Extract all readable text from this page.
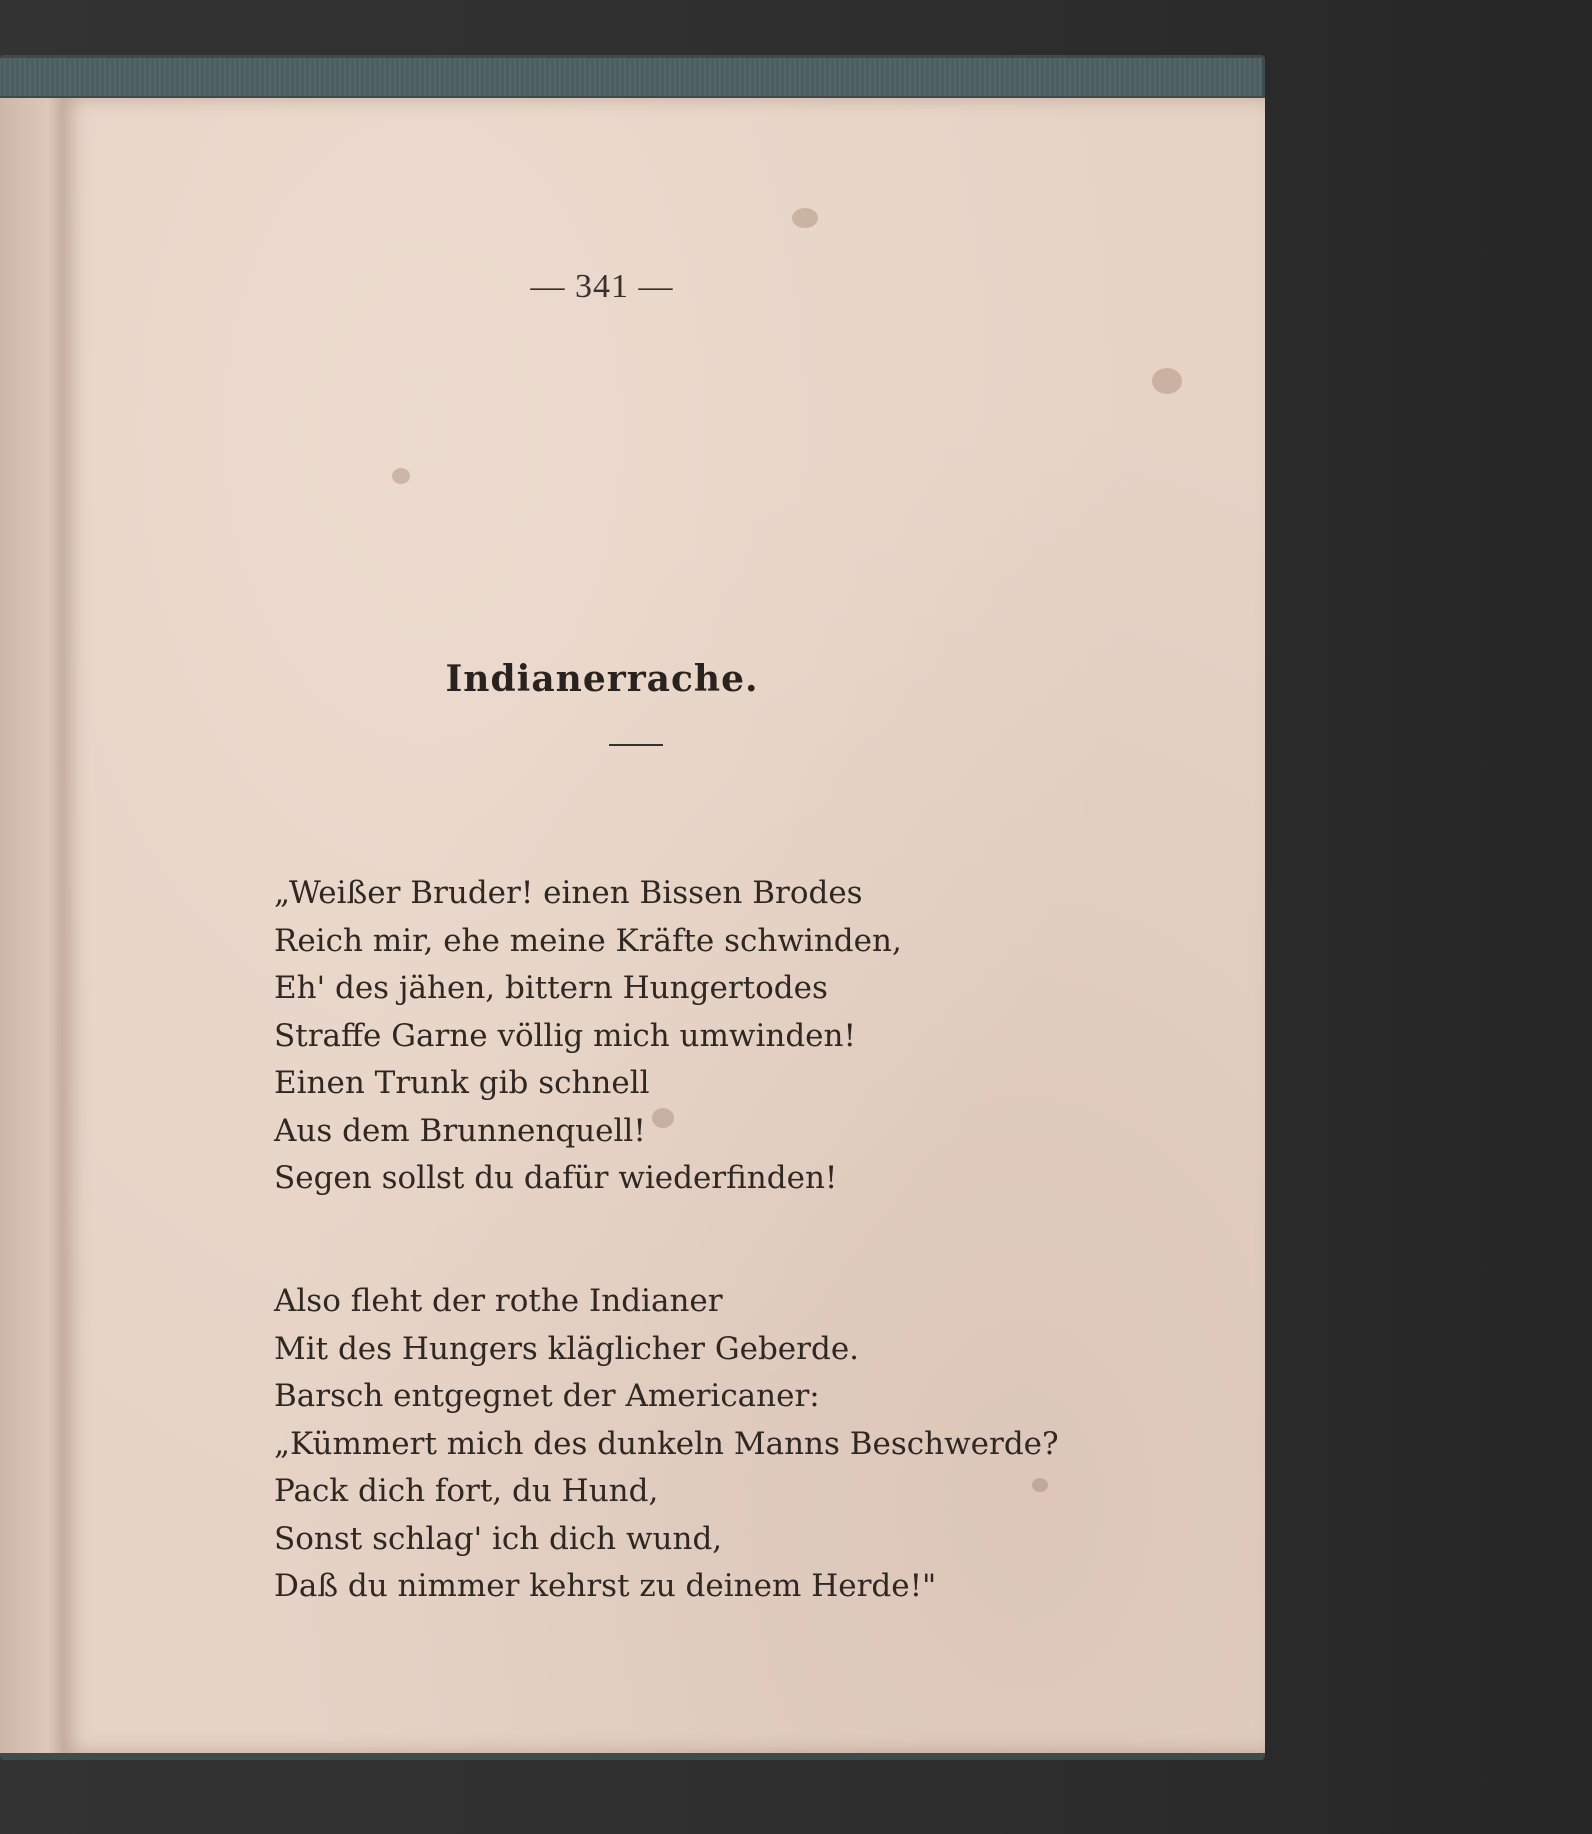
— 341 —
Indianerrache.
„Weißer Bruder! einen Bissen Brodes
Reich mir, ehe meine Kräfte schwinden,
Eh' des jähen, bittern Hungertodes
Straffe Garne völlig mich umwinden!
Einen Trunk gib schnell
Aus dem Brunnenquell!
Segen sollst du dafür wiederfinden!
Also fleht der rothe Indianer
Mit des Hungers kläglicher Geberde.
Barsch entgegnet der Americaner:
„Kümmert mich des dunkeln Manns Beschwerde?
Pack dich fort, du Hund,
Sonst schlag' ich dich wund,
Daß du nimmer kehrst zu deinem Herde!"
